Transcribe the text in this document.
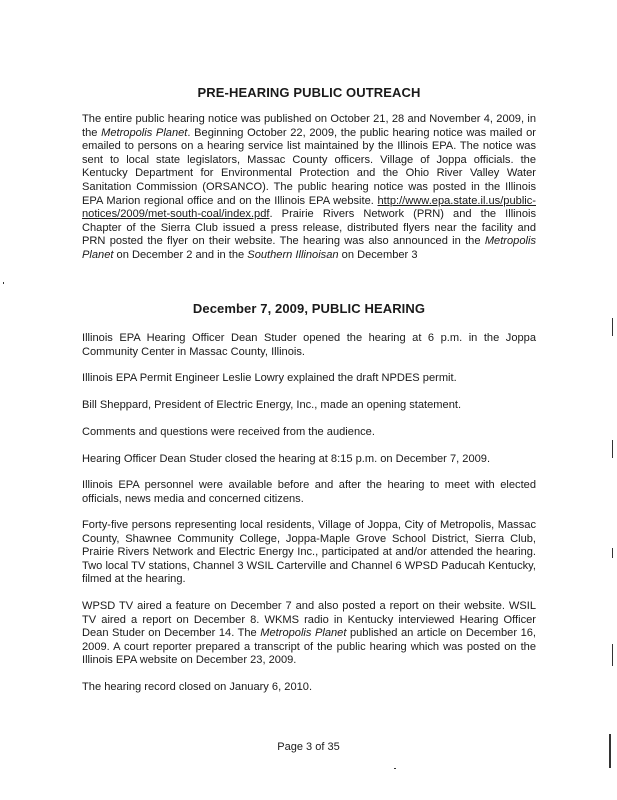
PRE-HEARING PUBLIC OUTREACH

The entire public hearing notice was published on October 21, 28 and November 4, 2009, in the Metropolis Planet. Beginning October 22, 2009, the public hearing notice was mailed or emailed to persons on a hearing service list maintained by the Illinois EPA. The notice was sent to local state legislators, Massac County officers. Village of Joppa officials. the Kentucky Department for Environmental Protection and the Ohio River Valley Water Sanitation Commission (ORSANCO). The public hearing notice was posted in the Illinois EPA Marion regional office and on the Illinois EPA website. http://www.epa.state.il.us/public-notices/2009/met-south-coal/index.pdf. Prairie Rivers Network (PRN) and the Illinois Chapter of the Sierra Club issued a press release, distributed flyers near the facility and PRN posted the flyer on their website. The hearing was also announced in the Metropolis Planet on December 2 and in the Southern Illinoisan on December 3

December 7, 2009, PUBLIC HEARING

Illinois EPA Hearing Officer Dean Studer opened the hearing at 6 p.m. in the Joppa Community Center in Massac County, Illinois.

Illinois EPA Permit Engineer Leslie Lowry explained the draft NPDES permit.

Bill Sheppard, President of Electric Energy, Inc., made an opening statement.

Comments and questions were received from the audience.

Hearing Officer Dean Studer closed the hearing at 8:15 p.m. on December 7, 2009.

Illinois EPA personnel were available before and after the hearing to meet with elected officials, news media and concerned citizens.

Forty-five persons representing local residents, Village of Joppa, City of Metropolis, Massac County, Shawnee Community College, Joppa-Maple Grove School District, Sierra Club, Prairie Rivers Network and Electric Energy Inc., participated at and/or attended the hearing. Two local TV stations, Channel 3 WSIL Carterville and Channel 6 WPSD Paducah Kentucky, filmed at the hearing.

WPSD TV aired a feature on December 7 and also posted a report on their website. WSIL TV aired a report on December 8. WKMS radio in Kentucky interviewed Hearing Officer Dean Studer on December 14. The Metropolis Planet published an article on December 16, 2009. A court reporter prepared a transcript of the public hearing which was posted on the Illinois EPA website on December 23, 2009.

The hearing record closed on January 6, 2010.

Page 3 of 35
